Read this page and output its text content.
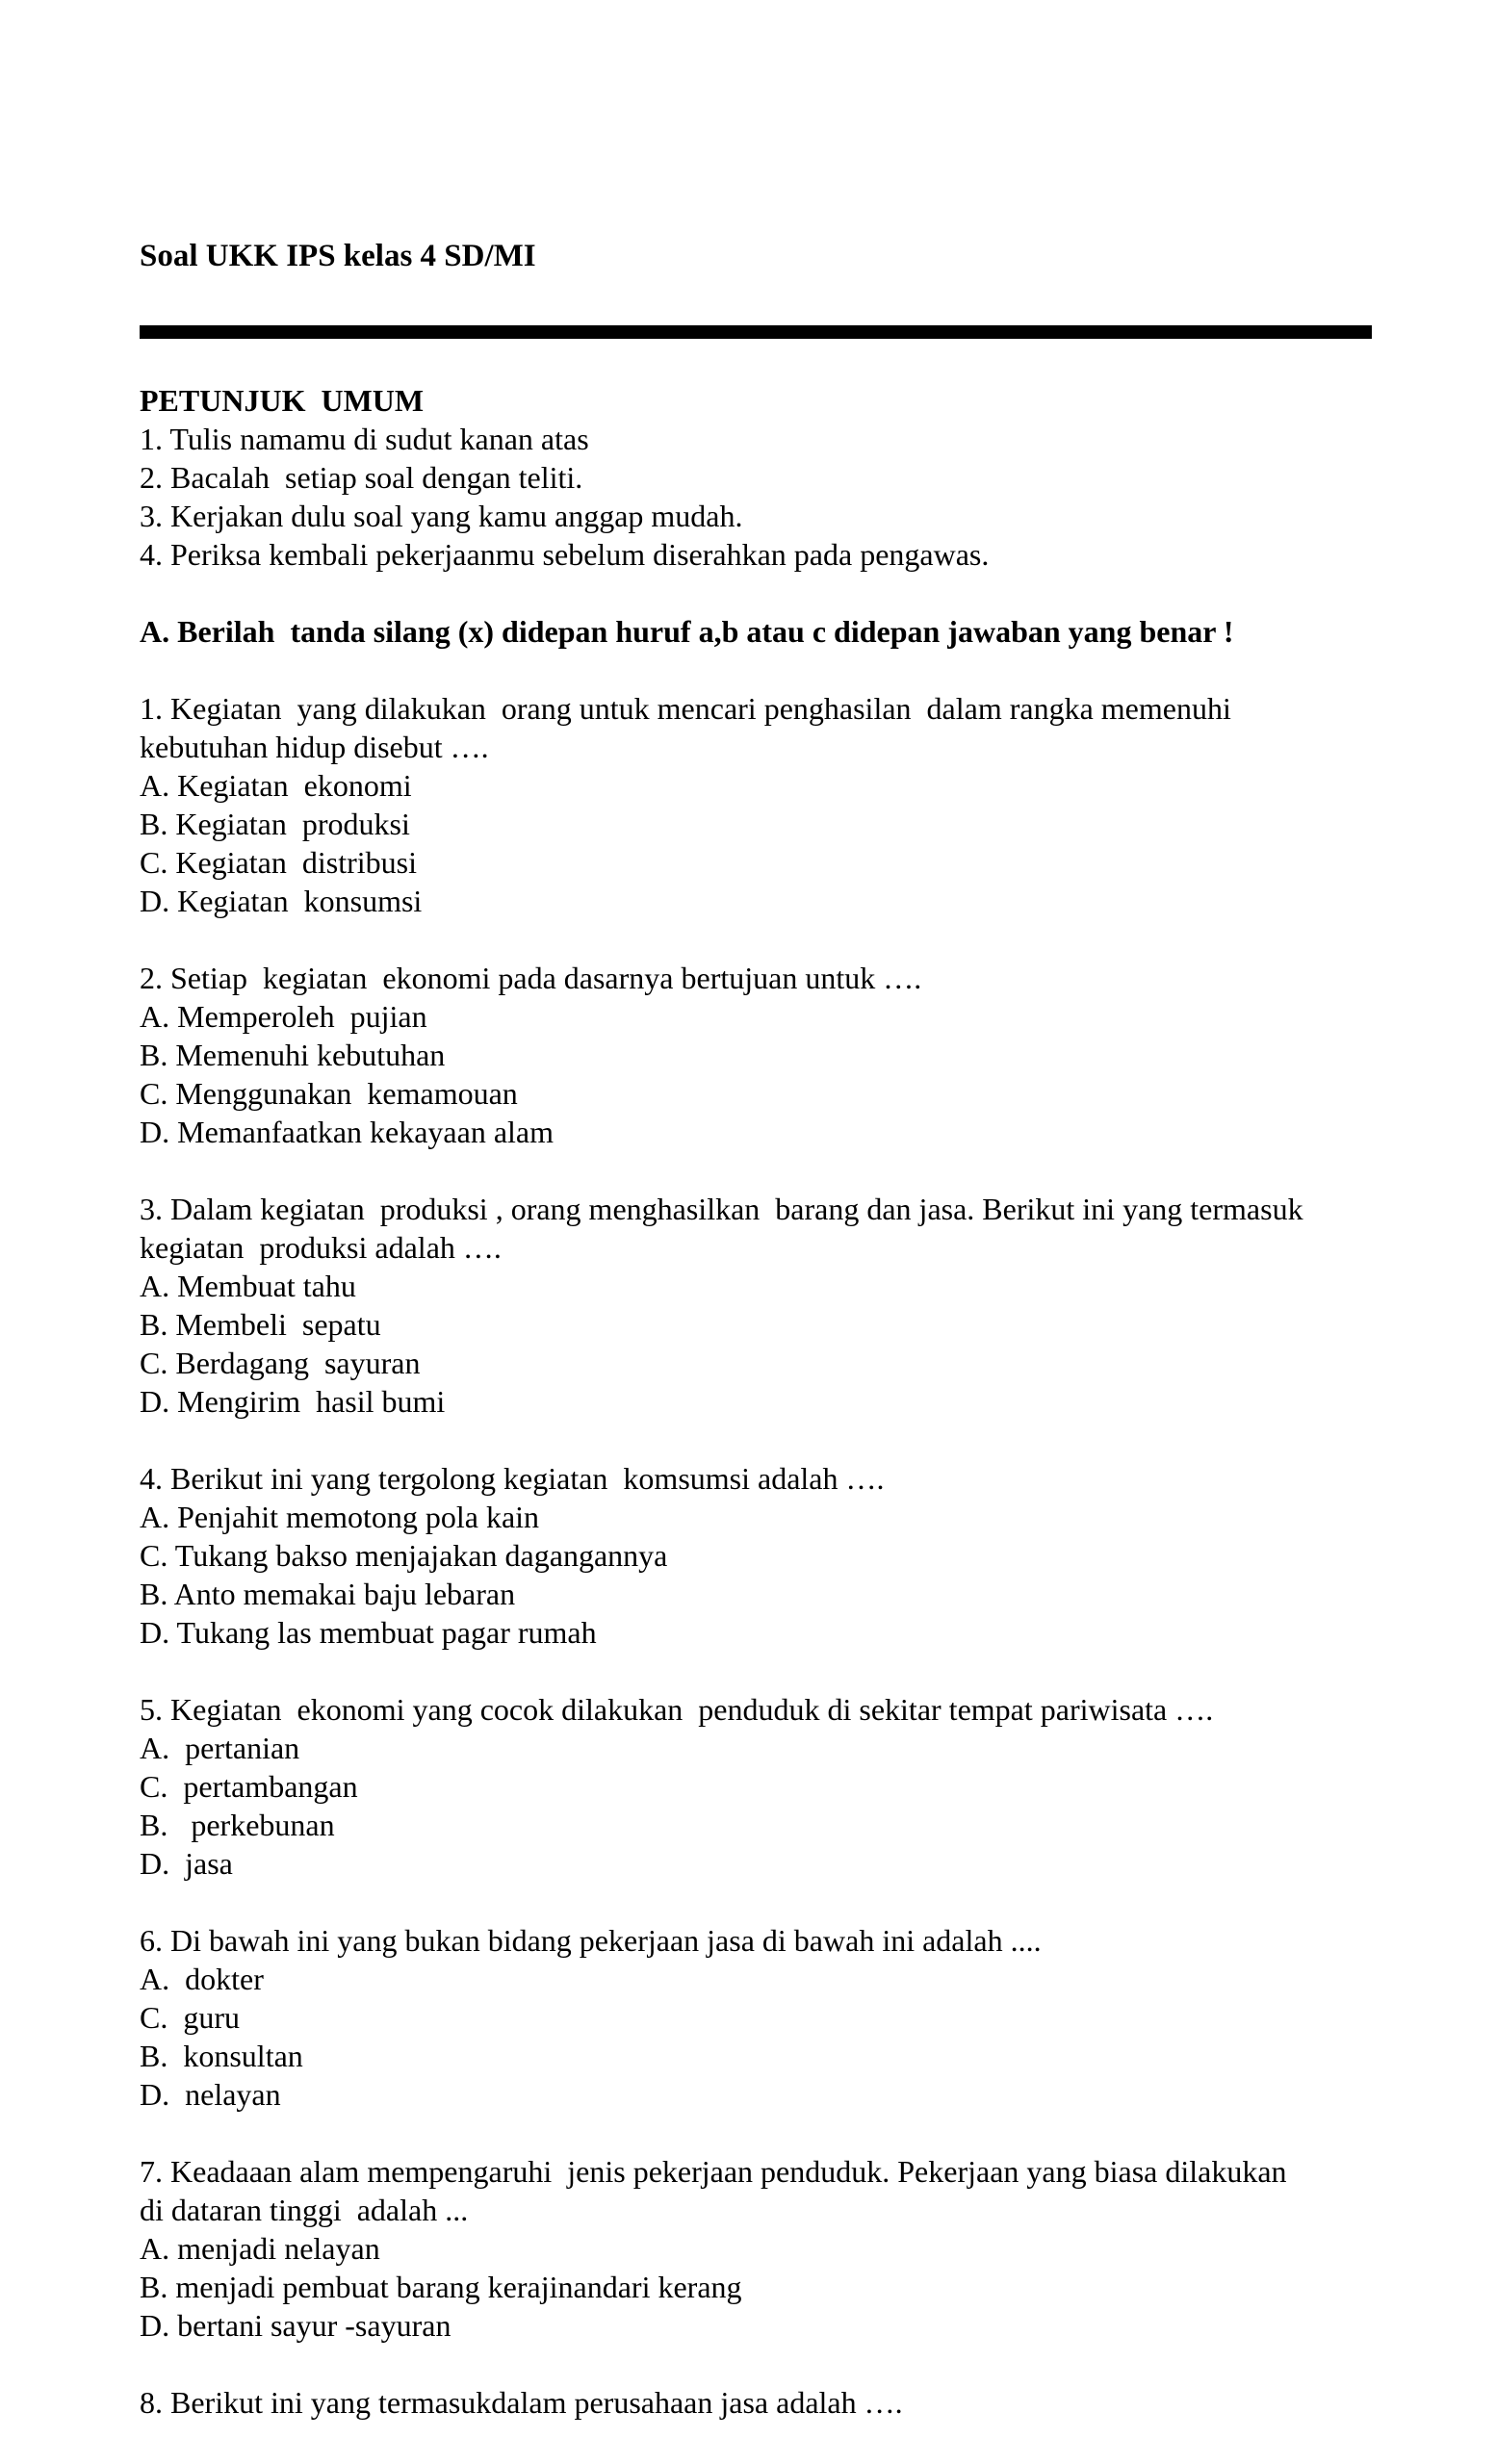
Soal UKK IPS kelas 4 SD/MI
PETUNJUK  UMUM
1. Tulis namamu di sudut kanan atas
2. Bacalah  setiap soal dengan teliti.
3. Kerjakan dulu soal yang kamu anggap mudah.
4. Periksa kembali pekerjaanmu sebelum diserahkan pada pengawas.
A. Berilah  tanda silang (x) didepan huruf a,b atau c didepan jawaban yang benar !
1. Kegiatan  yang dilakukan  orang untuk mencari penghasilan  dalam rangka memenuhi
kebutuhan hidup disebut ….
A. Kegiatan  ekonomi
B. Kegiatan  produksi
C. Kegiatan  distribusi
D. Kegiatan  konsumsi
2. Setiap  kegiatan  ekonomi pada dasarnya bertujuan untuk ….
A. Memperoleh  pujian
B. Memenuhi kebutuhan
C. Menggunakan  kemamouan
D. Memanfaatkan kekayaan alam
3. Dalam kegiatan  produksi , orang menghasilkan  barang dan jasa. Berikut ini yang termasuk
kegiatan  produksi adalah ….
A. Membuat tahu
B. Membeli  sepatu
C. Berdagang  sayuran
D. Mengirim  hasil bumi
4. Berikut ini yang tergolong kegiatan  komsumsi adalah ….
A. Penjahit memotong pola kain
C. Tukang bakso menjajakan dagangannya
B. Anto memakai baju lebaran
D. Tukang las membuat pagar rumah
5. Kegiatan  ekonomi yang cocok dilakukan  penduduk di sekitar tempat pariwisata ….
A.  pertanian
C.  pertambangan
B.   perkebunan
D.  jasa
6. Di bawah ini yang bukan bidang pekerjaan jasa di bawah ini adalah ....
A.  dokter
C.  guru
B.  konsultan
D.  nelayan
7. Keadaaan alam mempengaruhi  jenis pekerjaan penduduk. Pekerjaan yang biasa dilakukan
di dataran tinggi  adalah ...
A. menjadi nelayan
B. menjadi pembuat barang kerajinandari kerang
D. bertani sayur -sayuran
8. Berikut ini yang termasukdalam perusahaan jasa adalah ….
